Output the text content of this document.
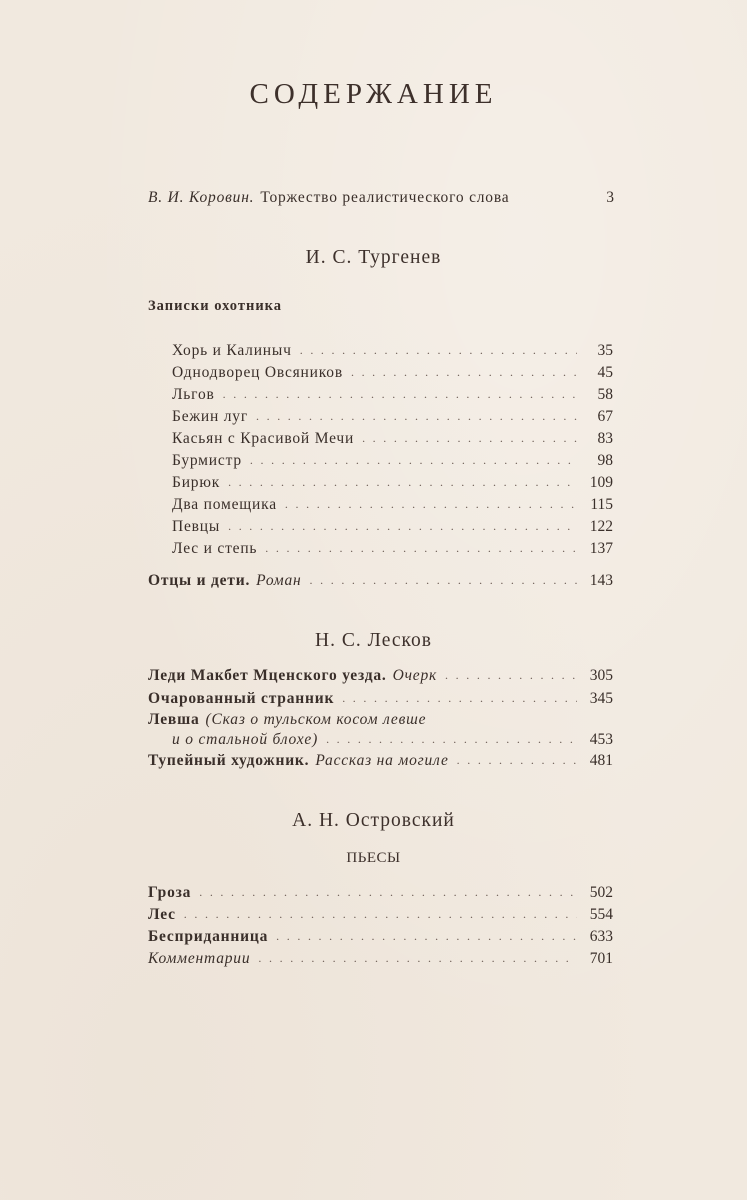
СОДЕРЖАНИЕ
В. И. Коровин. Торжество реалистического слова	3
И. С. Тургенев
Записки охотника
Хорь и Калиныч . . .	35
Однодворец Овсяников . . .	45
Льгов . . .	58
Бежин луг . . .	67
Касьян с Красивой Мечи . . .	83
Бурмистр . . .	98
Бирюк . . .	109
Два помещика . . .	115
Певцы . . .	122
Лес и степь . . .	137
Отцы и дети. Роман . . .	143
Н. С. Лесков
Леди Макбет Мценского уезда. Очерк . . .	305
Очарованный странник . . .	345
Левша (Сказ о тульском косом левше
и о стальной блохе) . . .	453
Тупейный художник. Рассказ на могиле . . .	481
А. Н. Островский
ПЬЕСЫ
Гроза . . .	502
Лес . . .	554
Бесприданница . . .	633
Комментарии . . .	701
